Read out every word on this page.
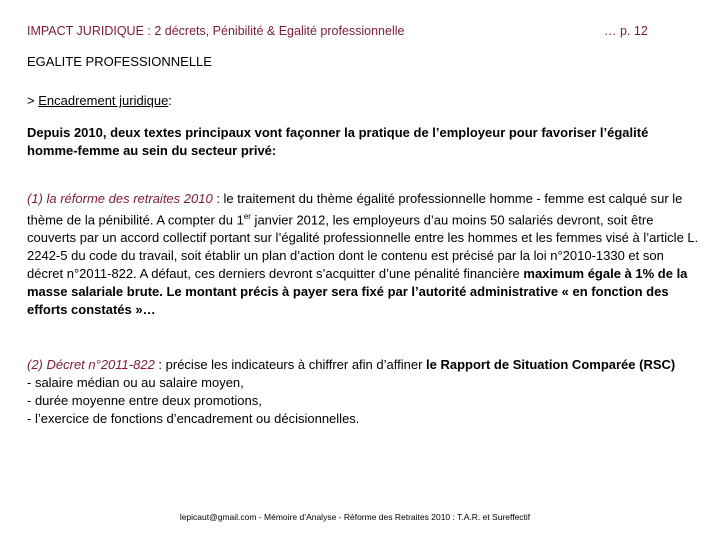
IMPACT JURIDIQUE : 2 décrets, Pénibilité & Egalité professionnelle	… p. 12
EGALITE PROFESSIONNELLE
> Encadrement juridique:
Depuis 2010, deux textes principaux vont façonner la pratique de l’employeur pour favoriser l’égalité homme-femme au sein du secteur privé:
(1) la réforme des retraites 2010 : le traitement du thème égalité professionnelle homme - femme est calqué sur le thème de la pénibilité. A compter du 1er janvier 2012, les employeurs d’au moins 50 salariés devront, soit être couverts par un accord collectif portant sur l’égalité professionnelle entre les hommes et les femmes visé à l’article L. 2242-5 du code du travail, soit établir un plan d’action dont le contenu est précisé par la loi n°2010-1330 et son décret n°2011-822. A défaut, ces derniers devront s’acquitter d’une pénalité financière maximum égale à 1% de la masse salariale brute. Le montant précis à payer sera fixé par l’autorité administrative « en fonction des efforts constatés »…
(2) Décret n°2011-822 : précise les indicateurs à chiffrer afin d’affiner le Rapport de Situation Comparée (RSC)
- salaire médian ou au salaire moyen,
- durée moyenne entre deux promotions,
- l’exercice de fonctions d’encadrement ou décisionnelles.
lepicaut@gmail.com - Mémoire d’Analyse - Réforme des Retraites 2010 : T.A.R. et Sureffectif
